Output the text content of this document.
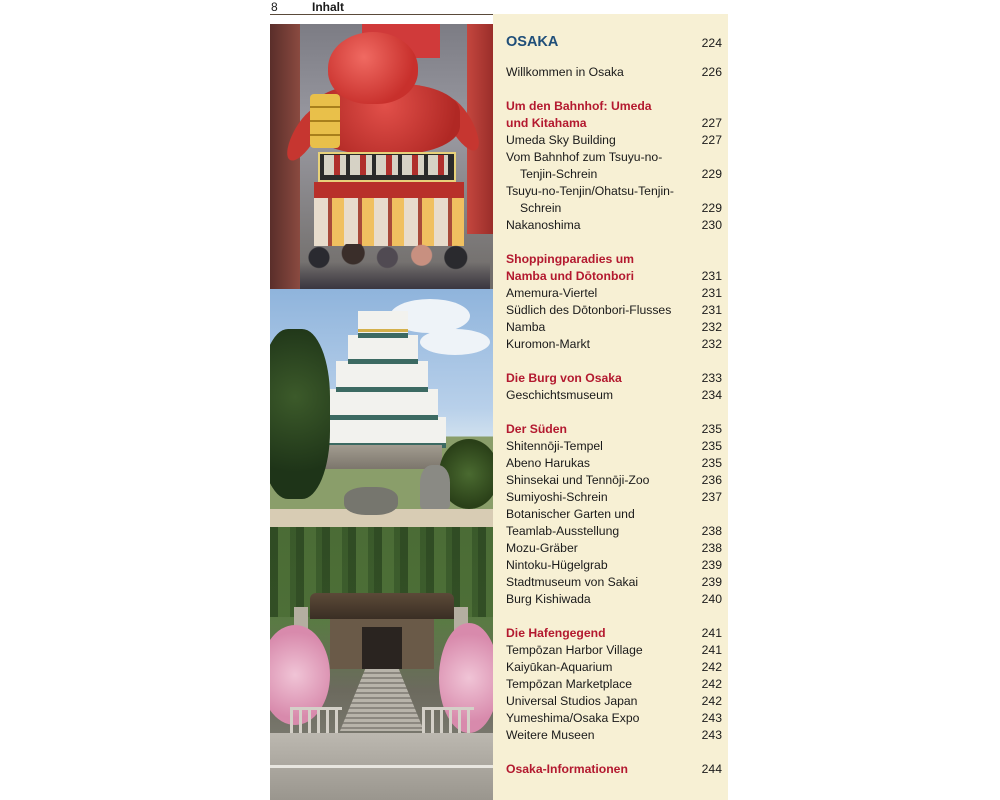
8	Inhalt
OSAKA	224
Willkommen in Osaka	226
Um den Bahnhof: Umeda
und Kitahama	227
Umeda Sky Building	227
Vom Bahnhof zum Tsuyu-no-
Tenjin-Schrein	229
Tsuyu-no-Tenjin/Ohatsu-Tenjin-
Schrein	229
Nakanoshima	230
Shoppingparadies um
Namba und Dōtonbori	231
Amemura-Viertel	231
Südlich des Dōtonbori-Flusses 231
Namba	232
Kuromon-Markt	232
Die Burg von Osaka	233
Geschichtsmuseum	234
Der Süden	235
Shitennōji-Tempel	235
Abeno Harukas	235
Shinsekai und Tennōji-Zoo	236
Sumiyoshi-Schrein	237
Botanischer Garten und
Teamlab-Ausstellung	238
Mozu-Gräber	238
Nintoku-Hügelgrab	239
Stadtmuseum von Sakai	239
Burg Kishiwada	240
Die Hafengegend	241
Tempōzan Harbor Village	241
Kaiyūkan-Aquarium	242
Tempōzan Marketplace	242
Universal Studios Japan	242
Yumeshima/Osaka Expo	243
Weitere Museen	243
Osaka-Informationen	244
